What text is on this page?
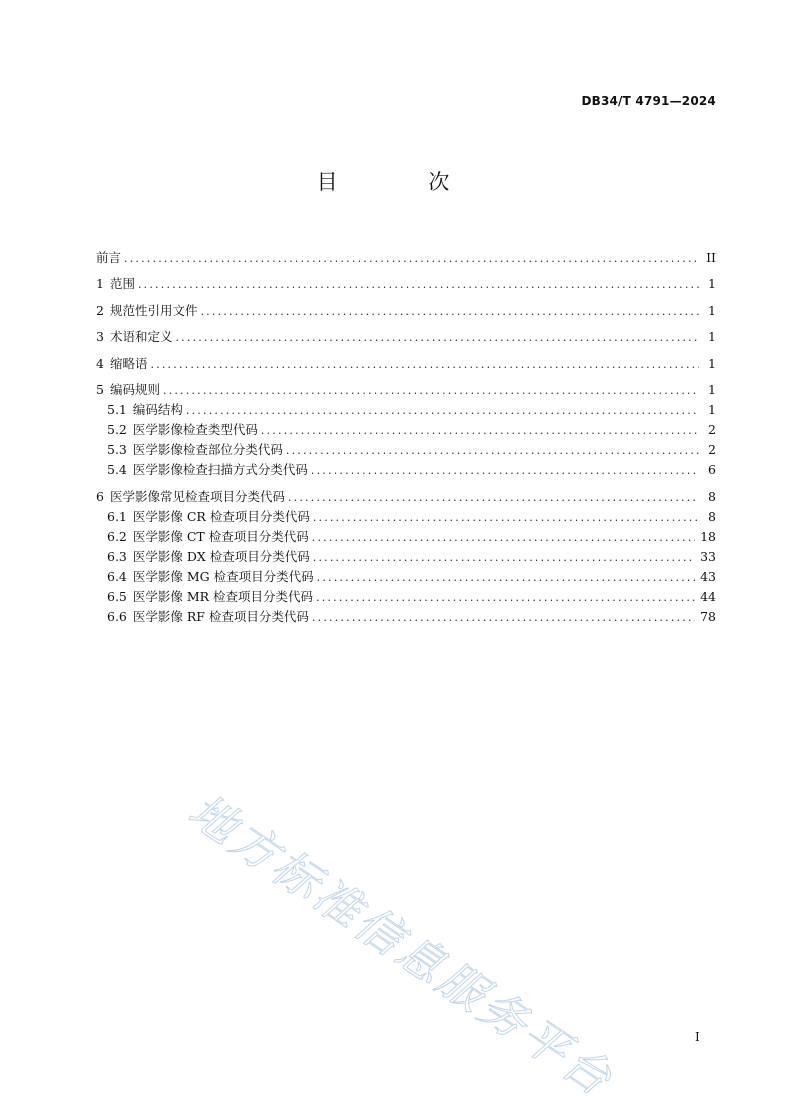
DB34/T 4791—2024
目 次
前言 .....	II
1 范围 .....	1
2 规范性引用文件 .....	1
3 术语和定义 .....	1
4 缩略语 .....	1
5 编码规则 .....	1
5.1 编码结构 .....	1
5.2 医学影像检查类型代码 .....	2
5.3 医学影像检查部位分类代码 .....	2
5.4 医学影像检查扫描方式分类代码 .....	6
6 医学影像常见检查项目分类代码 .....	8
6.1 医学影像 CR 检查项目分类代码 .....	8
6.2 医学影像 CT 检查项目分类代码 .....	18
6.3 医学影像 DX 检查项目分类代码 .....	33
6.4 医学影像 MG 检查项目分类代码 .....	43
6.5 医学影像 MR 检查项目分类代码 .....	44
6.6 医学影像 RF 检查项目分类代码 .....	78
地方标准信息服务平台	I
